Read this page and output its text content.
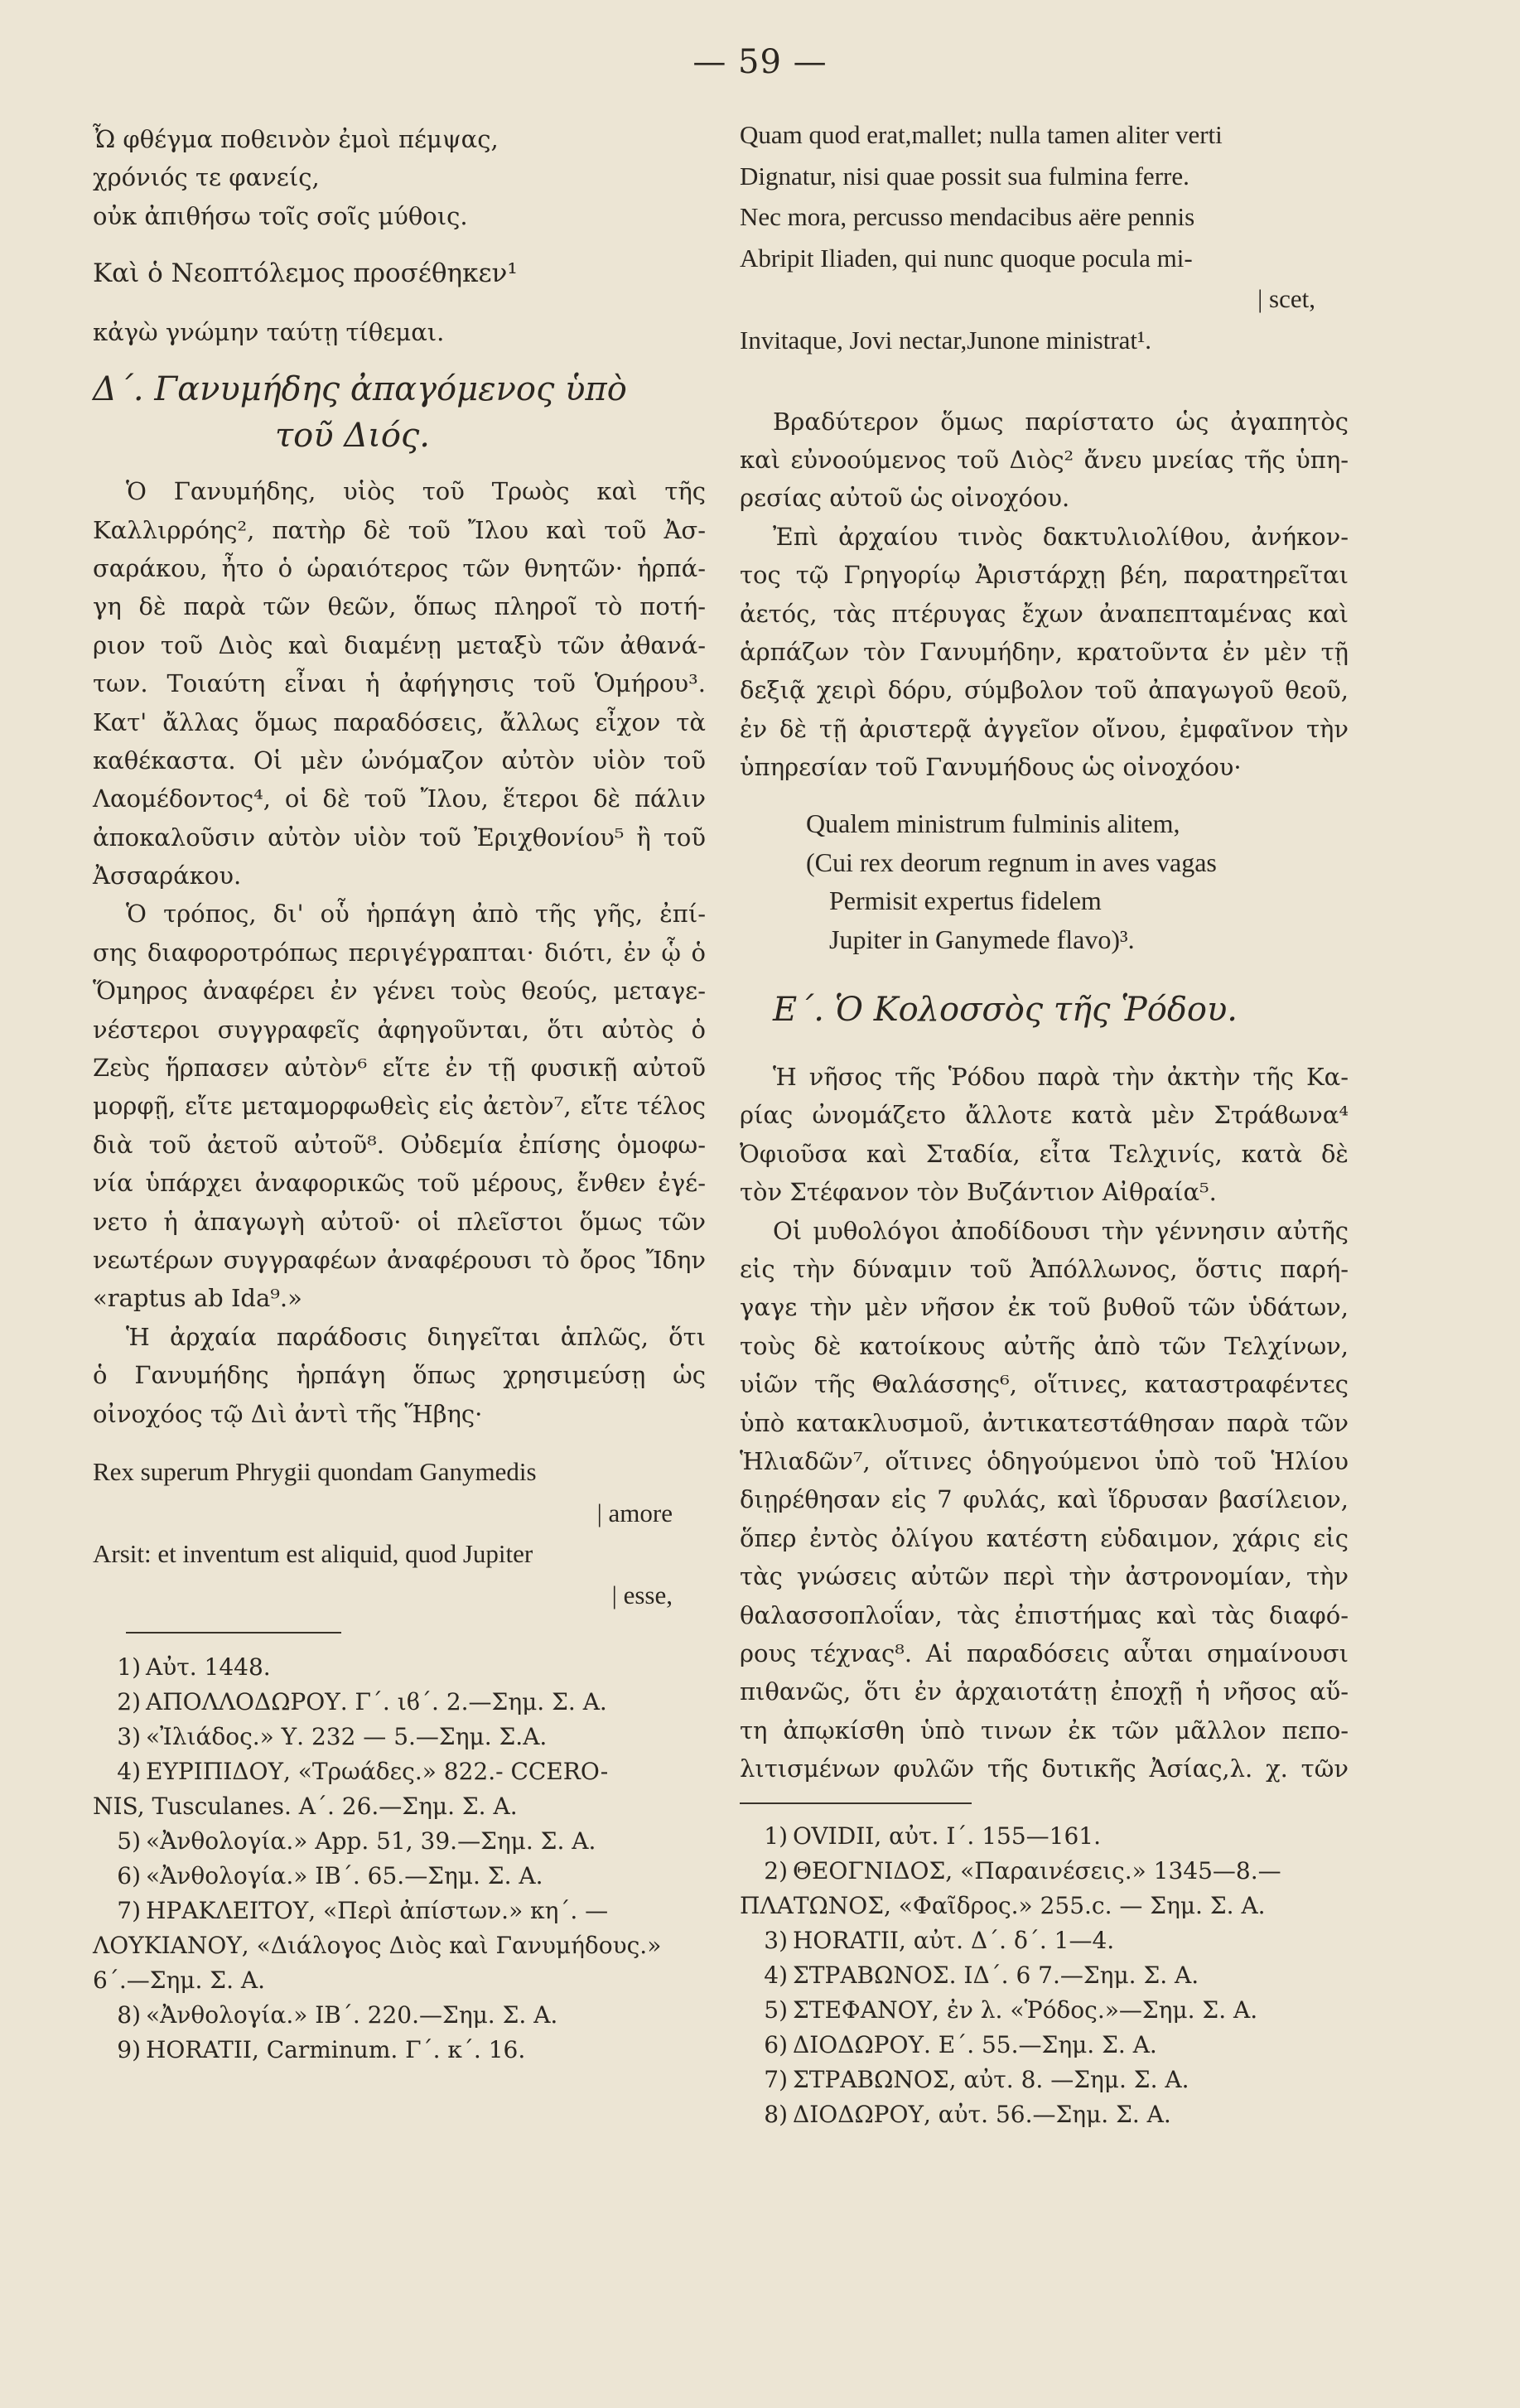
— 59 —
Ὦ φθέγμα ποθεινὸν ἐμοὶ πέμψας,
χρόνιός τε φανείς,
οὐκ ἀπιθήσω τοῖς σοῖς μύθοις.
Καὶ ὁ Νεοπτόλεμος προσέθηκεν¹
κἀγὼ γνώμην ταύτῃ τίθεμαι.
Δ΄. Γανυμήδης ἀπαγόμενος ὑπὸ
τοῦ Διός.
Ὁ Γανυμήδης, υἱὸς τοῦ Τρωὸς καὶ τῆς
Καλλιρρόης², πατὴρ δὲ τοῦ Ἴλου καὶ τοῦ Ἀσ-
σαράκου, ἦτο ὁ ὡραιότερος τῶν θνητῶν· ἡρπά-
γη δὲ παρὰ τῶν θεῶν, ὅπως πληροῖ τὸ ποτή-
ριον τοῦ Διὸς καὶ διαμένῃ μεταξὺ τῶν ἀθανά-
των. Τοιαύτη εἶναι ἡ ἀφήγησις τοῦ Ὁμήρου³.
Κατ' ἄλλας ὅμως παραδόσεις, ἄλλως εἶχον τὰ
καθέκαστα. Οἱ μὲν ὠνόμαζον αὐτὸν υἱὸν τοῦ
Λαομέδοντος⁴, οἱ δὲ τοῦ Ἴλου, ἕτεροι δὲ πάλιν
ἀποκαλοῦσιν αὐτὸν υἱὸν τοῦ Ἐριχθονίου⁵ ἢ τοῦ
Ἀσσαράκου.
Ὁ τρόπος, δι' οὗ ἡρπάγη ἀπὸ τῆς γῆς, ἐπί-
σης διαφοροτρόπως περιγέγραπται· διότι, ἐν ᾧ ὁ
Ὅμηρος ἀναφέρει ἐν γένει τοὺς θεούς, μεταγε-
νέστεροι συγγραφεῖς ἀφηγοῦνται, ὅτι αὐτὸς ὁ
Ζεὺς ἥρπασεν αὐτὸν⁶ εἴτε ἐν τῇ φυσικῇ αὐτοῦ
μορφῇ, εἴτε μεταμορφωθεὶς εἰς ἀετὸν⁷, εἴτε τέλος
διὰ τοῦ ἀετοῦ αὐτοῦ⁸. Οὐδεμία ἐπίσης ὁμοφω-
νία ὑπάρχει ἀναφορικῶς τοῦ μέρους, ἔνθεν ἐγέ-
νετο ἡ ἀπαγωγὴ αὐτοῦ· οἱ πλεῖστοι ὅμως τῶν
νεωτέρων συγγραφέων ἀναφέρουσι τὸ ὄρος Ἴδην
«raptus ab Ida⁹.»
Ἡ ἀρχαία παράδοσις διηγεῖται ἁπλῶς, ὅτι
ὁ Γανυμήδης ἡρπάγη ὅπως χρησιμεύσῃ ὡς
οἰνοχόος τῷ Διὶ ἀντὶ τῆς Ἥβης·
Rex superum Phrygii quondam Ganymedis
| amore
Arsit: et inventum est aliquid, quod Jupiter
| esse,
1) Αὐτ. 1448.
2) ΑΠΟΛΛΟΔΩΡΟΥ. Γ΄. ιϐ΄. 2.—Σημ. Σ. Α.
3) «Ἰλιάδος.» Υ. 232 — 5.—Σημ. Σ.Α.
4) ΕΥΡΙΠΙΔΟΥ, «Τρωάδες.» 822.- CCERO-
NIS, Tusculanes. Α΄. 26.—Σημ. Σ. Α.
5) «Ἀνθολογία.» App. 51, 39.—Σημ. Σ. Α.
6) «Ἀνθολογία.» IB΄. 65.—Σημ. Σ. Α.
7) ΗΡΑΚΛΕΙΤΟΥ, «Περὶ ἀπίστων.» κη΄. —
ΛΟΥΚΙΑΝΟΥ, «Διάλογος Διὸς καὶ Γανυμήδους.»
6΄.—Σημ. Σ. Α.
8) «Ἀνθολογία.» IB΄. 220.—Σημ. Σ. Α.
9) HORATII, Carminum. Γ΄. κ΄. 16.
Quam quod erat,mallet; nulla tamen aliter verti
Dignatur, nisi quae possit sua fulmina ferre.
Nec mora, percusso mendacibus aëre pennis
Abripit Iliaden, qui nunc quoque pocula mi-
| scet,
Invitaque, Jovi nectar,Junone ministrat¹.
Βραδύτερον ὅμως παρίστατο ὡς ἀγαπητὸς
καὶ εὐνοούμενος τοῦ Διὸς² ἄνευ μνείας τῆς ὑπη-
ρεσίας αὐτοῦ ὡς οἰνοχόου.
Ἐπὶ ἀρχαίου τινὸς δακτυλιολίθου, ἀνήκον-
τος τῷ Γρηγορίῳ Ἀριστάρχῃ βέη, παρατηρεῖται
ἀετός, τὰς πτέρυγας ἔχων ἀναπεπταμένας καὶ
ἁρπάζων τὸν Γανυμήδην, κρατοῦντα ἐν μὲν τῇ
δεξιᾷ χειρὶ δόρυ, σύμβολον τοῦ ἀπαγωγοῦ θεοῦ,
ἐν δὲ τῇ ἀριστερᾷ ἀγγεῖον οἴνου, ἐμφαῖνον τὴν
ὑπηρεσίαν τοῦ Γανυμήδους ὡς οἰνοχόου·
Qualem ministrum fulminis alitem,
(Cui rex deorum regnum in aves vagas
Permisit expertus fidelem
Jupiter in Ganymede flavo)³.
Ε΄. Ὁ Κολοσσὸς τῆς Ῥόδου.
Ἡ νῆσος τῆς Ῥόδου παρὰ τὴν ἀκτὴν τῆς Κα-
ρίας ὠνομάζετο ἄλλοτε κατὰ μὲν Στράϐωνα⁴
Ὀφιοῦσα καὶ Σταδία, εἶτα Τελχινίς, κατὰ δὲ
τὸν Στέφανον τὸν Βυζάντιον Αἰθραία⁵.
Οἱ μυθολόγοι ἀποδίδουσι τὴν γέννησιν αὐτῆς
εἰς τὴν δύναμιν τοῦ Ἀπόλλωνος, ὅστις παρή-
γαγε τὴν μὲν νῆσον ἐκ τοῦ βυθοῦ τῶν ὑδάτων,
τοὺς δὲ κατοίκους αὐτῆς ἀπὸ τῶν Τελχίνων,
υἱῶν τῆς Θαλάσσης⁶, οἵτινες, καταστραφέντες
ὑπὸ κατακλυσμοῦ, ἀντικατεστάθησαν παρὰ τῶν
Ἡλιαδῶν⁷, οἵτινες ὁδηγούμενοι ὑπὸ τοῦ Ἡλίου
διῃρέθησαν εἰς 7 φυλάς, καὶ ἵδρυσαν βασίλειον,
ὅπερ ἐντὸς ὀλίγου κατέστη εὐδαιμον, χάρις εἰς
τὰς γνώσεις αὐτῶν περὶ τὴν ἀστρονομίαν, τὴν
θαλασσοπλοΐαν, τὰς ἐπιστήμας καὶ τὰς διαφό-
ρους τέχνας⁸. Αἱ παραδόσεις αὗται σημαίνουσι
πιθανῶς, ὅτι ἐν ἀρχαιοτάτῃ ἐποχῇ ἡ νῆσος αὕ-
τη ἀπῳκίσθη ὑπὸ τινων ἐκ τῶν μᾶλλον πεπο-
λιτισμένων φυλῶν τῆς δυτικῆς Ἀσίας,λ. χ. τῶν
1) OVIDII, αὐτ. Ι΄. 155—161.
2) ΘΕΟΓΝΙΔΟΣ, «Παραινέσεις.» 1345—8.—
ΠΛΑΤΩΝΟΣ, «Φαῖδρος.» 255.c. — Σημ. Σ. Α.
3) HORATII, αὐτ. Δ΄. δ΄. 1—4.
4) ΣΤΡΑΒΩΝΟΣ. ΙΔ΄. 6 7.—Σημ. Σ. Α.
5) ΣΤΕΦΑΝΟΥ, ἐν λ. «Ῥόδος.»—Σημ. Σ. Α.
6) ΔΙΟΔΩΡΟΥ. Ε΄. 55.—Σημ. Σ. Α.
7) ΣΤΡΑΒΩΝΟΣ, αὐτ. 8. —Σημ. Σ. Α.
8) ΔΙΟΔΩΡΟΥ, αὐτ. 56.—Σημ. Σ. Α.
